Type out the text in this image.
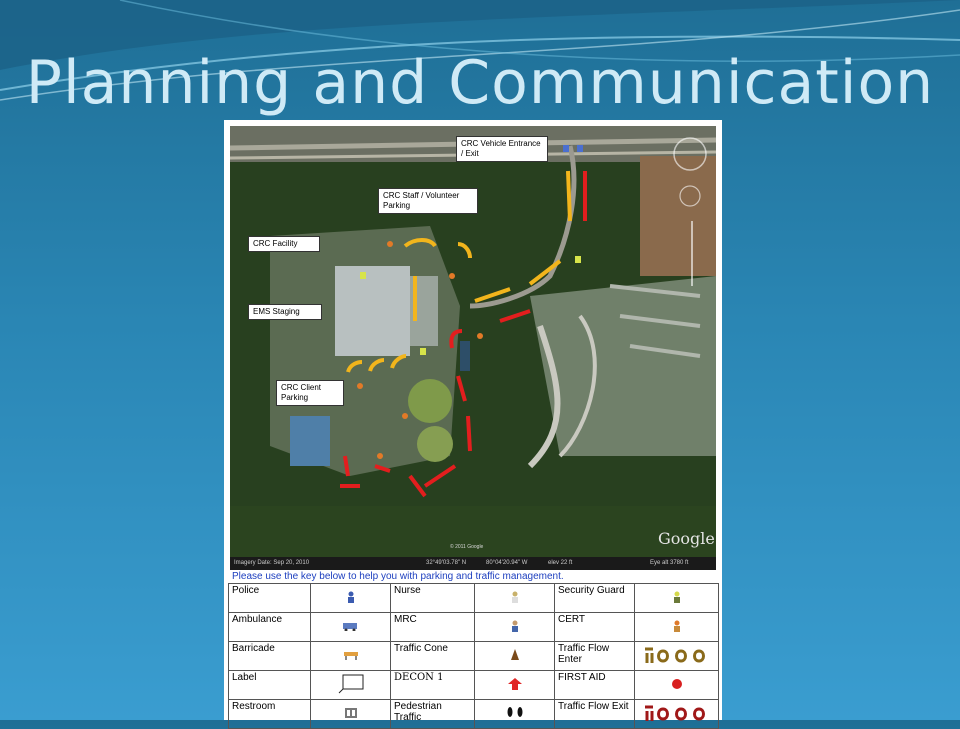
Planning and Communication
Google
© 2011 Google
CRC Vehicle Entrance / Exit
CRC Staff / Volunteer Parking
CRC Facility
EMS Staging
CRC Client Parking
Imagery Date: Sep 20, 2010	32°49'03.78" N	80°04'20.94" W	elev 22 ft	Eye alt 3780 ft
Please use the key below to help you with parking and traffic management.
Police		Nurse		Security Guard	
Ambulance		MRC		CERT	
Barricade		Traffic Cone		Traffic Flow Enter	
Label		DECON 1		FIRST AID	
Restroom		Pedestrian Traffic		Traffic Flow Exit	
